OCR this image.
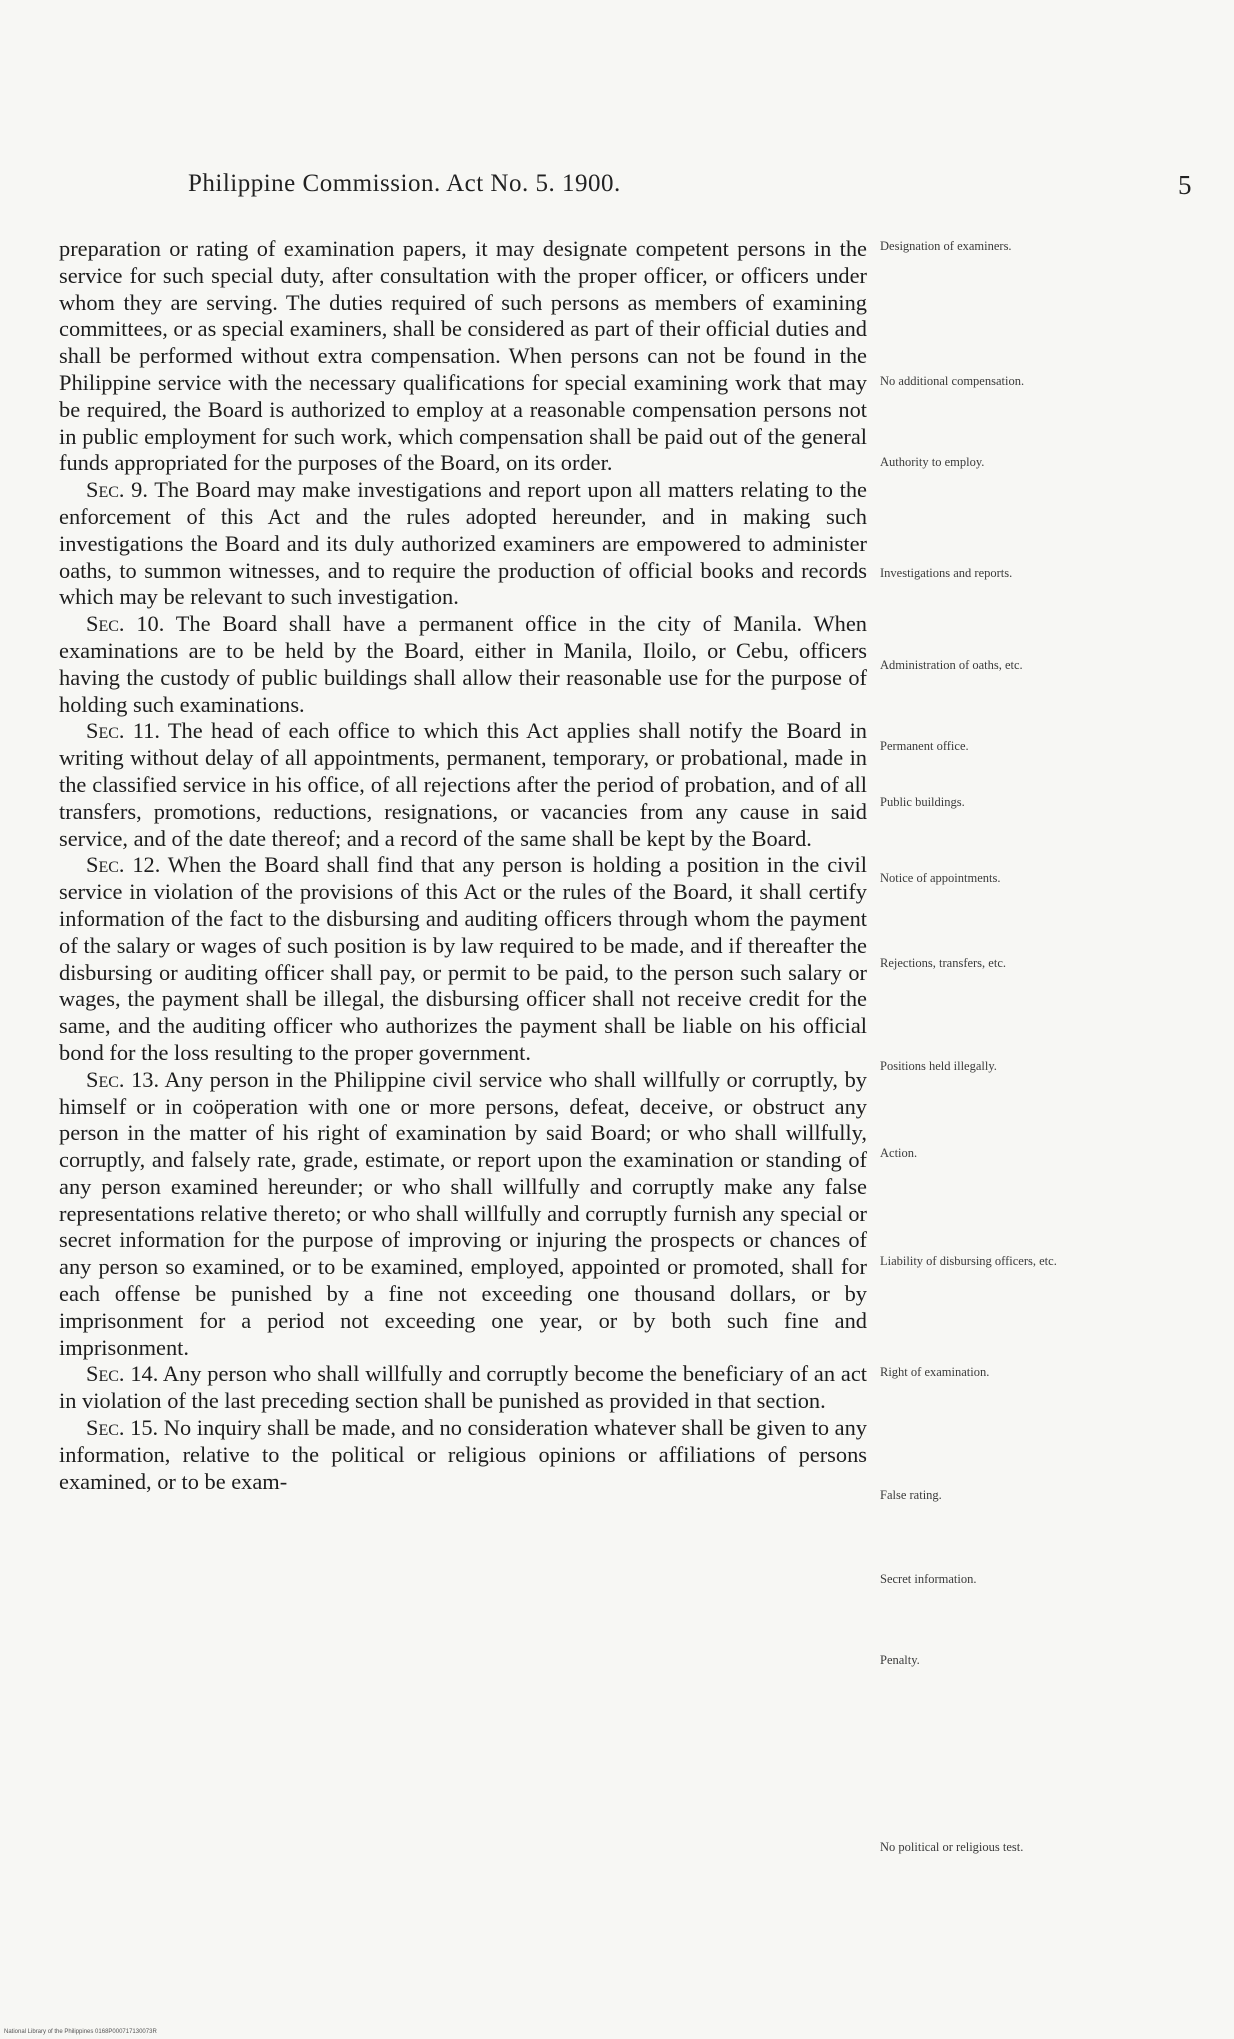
Philippine Commission. Act No. 5. 1900.	5

preparation or rating of examination papers, it may designate competent persons in the service for such special duty, after consultation with the proper officer, or officers under whom they are serving. The duties required of such persons as members of examining committees, or as special examiners, shall be considered as part of their official duties and shall be performed without extra compensation. When persons can not be found in the Philippine service with the necessary qualifications for special examining work that may be required, the Board is authorized to employ at a reasonable compensation persons not in public employment for such work, which compensation shall be paid out of the general funds appropriated for the purposes of the Board, on its order.

Sec. 9. The Board may make investigations and report upon all matters relating to the enforcement of this Act and the rules adopted hereunder, and in making such investigations the Board and its duly authorized examiners are empowered to administer oaths, to summon witnesses, and to require the production of official books and records which may be relevant to such investigation.

Sec. 10. The Board shall have a permanent office in the city of Manila. When examinations are to be held by the Board, either in Manila, Iloilo, or Cebu, officers having the custody of public buildings shall allow their reasonable use for the purpose of holding such examinations.

Sec. 11. The head of each office to which this Act applies shall notify the Board in writing without delay of all appointments, permanent, temporary, or probational, made in the classified service in his office, of all rejections after the period of probation, and of all transfers, promotions, reductions, resignations, or vacancies from any cause in said service, and of the date thereof; and a record of the same shall be kept by the Board.

Sec. 12. When the Board shall find that any person is holding a position in the civil service in violation of the provisions of this Act or the rules of the Board, it shall certify information of the fact to the disbursing and auditing officers through whom the payment of the salary or wages of such position is by law required to be made, and if thereafter the disbursing or auditing officer shall pay, or permit to be paid, to the person such salary or wages, the payment shall be illegal, the disbursing officer shall not receive credit for the same, and the auditing officer who authorizes the payment shall be liable on his official bond for the loss resulting to the proper government.

Sec. 13. Any person in the Philippine civil service who shall willfully or corruptly, by himself or in coöperation with one or more persons, defeat, deceive, or obstruct any person in the matter of his right of examination by said Board; or who shall willfully, corruptly, and falsely rate, grade, estimate, or report upon the examination or standing of any person examined hereunder; or who shall willfully and corruptly make any false representations relative thereto; or who shall willfully and corruptly furnish any special or secret information for the purpose of improving or injuring the prospects or chances of any person so examined, or to be examined, employed, appointed or promoted, shall for each offense be punished by a fine not exceeding one thousand dollars, or by imprisonment for a period not exceeding one year, or by both such fine and imprisonment.

Sec. 14. Any person who shall willfully and corruptly become the beneficiary of an act in violation of the last preceding section shall be punished as provided in that section.

Sec. 15. No inquiry shall be made, and no consideration whatever shall be given to any information, relative to the political or religious opinions or affiliations of persons examined, or to be exam-

Designation of examiners.
No additional compensation.
Authority to employ.
Investigations and reports.
Administration of oaths, etc.
Permanent office.
Public buildings.
Notice of appointments.
Rejections, transfers, etc.
Positions held illegally.
Action.
Liability of disbursing officers, etc.
Right of examination.
False rating.
Secret information.
Penalty.
No political or religious test.
National Library of the Philippines 0168P000717130073R
